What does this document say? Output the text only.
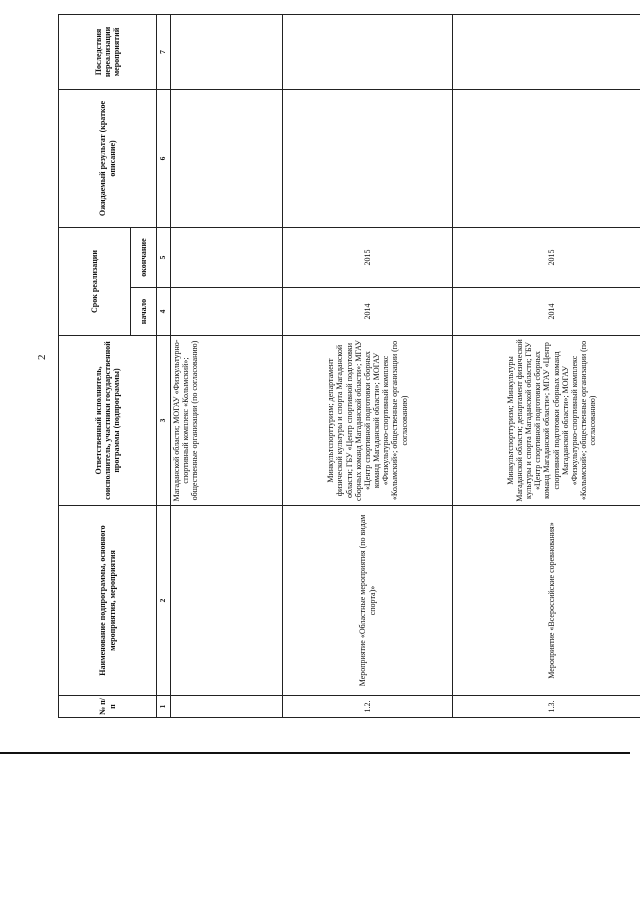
2
№ п/п	Наименование подпрограммы, основного мероприятия, мероприятия	Ответственный исполнитель, соисполнитель, участники государственной программы (подпрограммы)	Срок реализации		Ожидаемый результат (краткое описание)	Последствия нереализации мероприятий
			начало	окончание		
1	2	3	4	5	6	7
		Магаданской области; МОГАУ «Физкультурно-спортивный комплекс «Колымский»; общественные организации (по согласованию)				
1.2.	Мероприятие «Областные мероприятия (по видам спорта)»	Минкультспорттуризм; департамент физической культуры и спорта Магаданской области; ГБУ «Центр спортивной подготовки сборных команд Магаданской области»; МГАУ «Центр спортивной подготовки сборных команд Магаданской области»; МОГАУ «Физкультурно-спортивный комплекс «Колымский»; общественные организации (по согласованию)	2014	2015		
1.3.	Мероприятие «Всероссийские соревнования»	Минкультспорттуризм; Минкультуры Магаданской области; департамент физической культуры и спорта Магаданской области; ГБУ «Центр спортивной подготовки сборных команд Магаданской области»; МГАУ «Центр спортивной подготовки сборных команд Магаданской области»; МОГАУ «Физкультурно-спортивный комплекс «Колымский»; общественные организации (по согласованию)	2014	2015		
